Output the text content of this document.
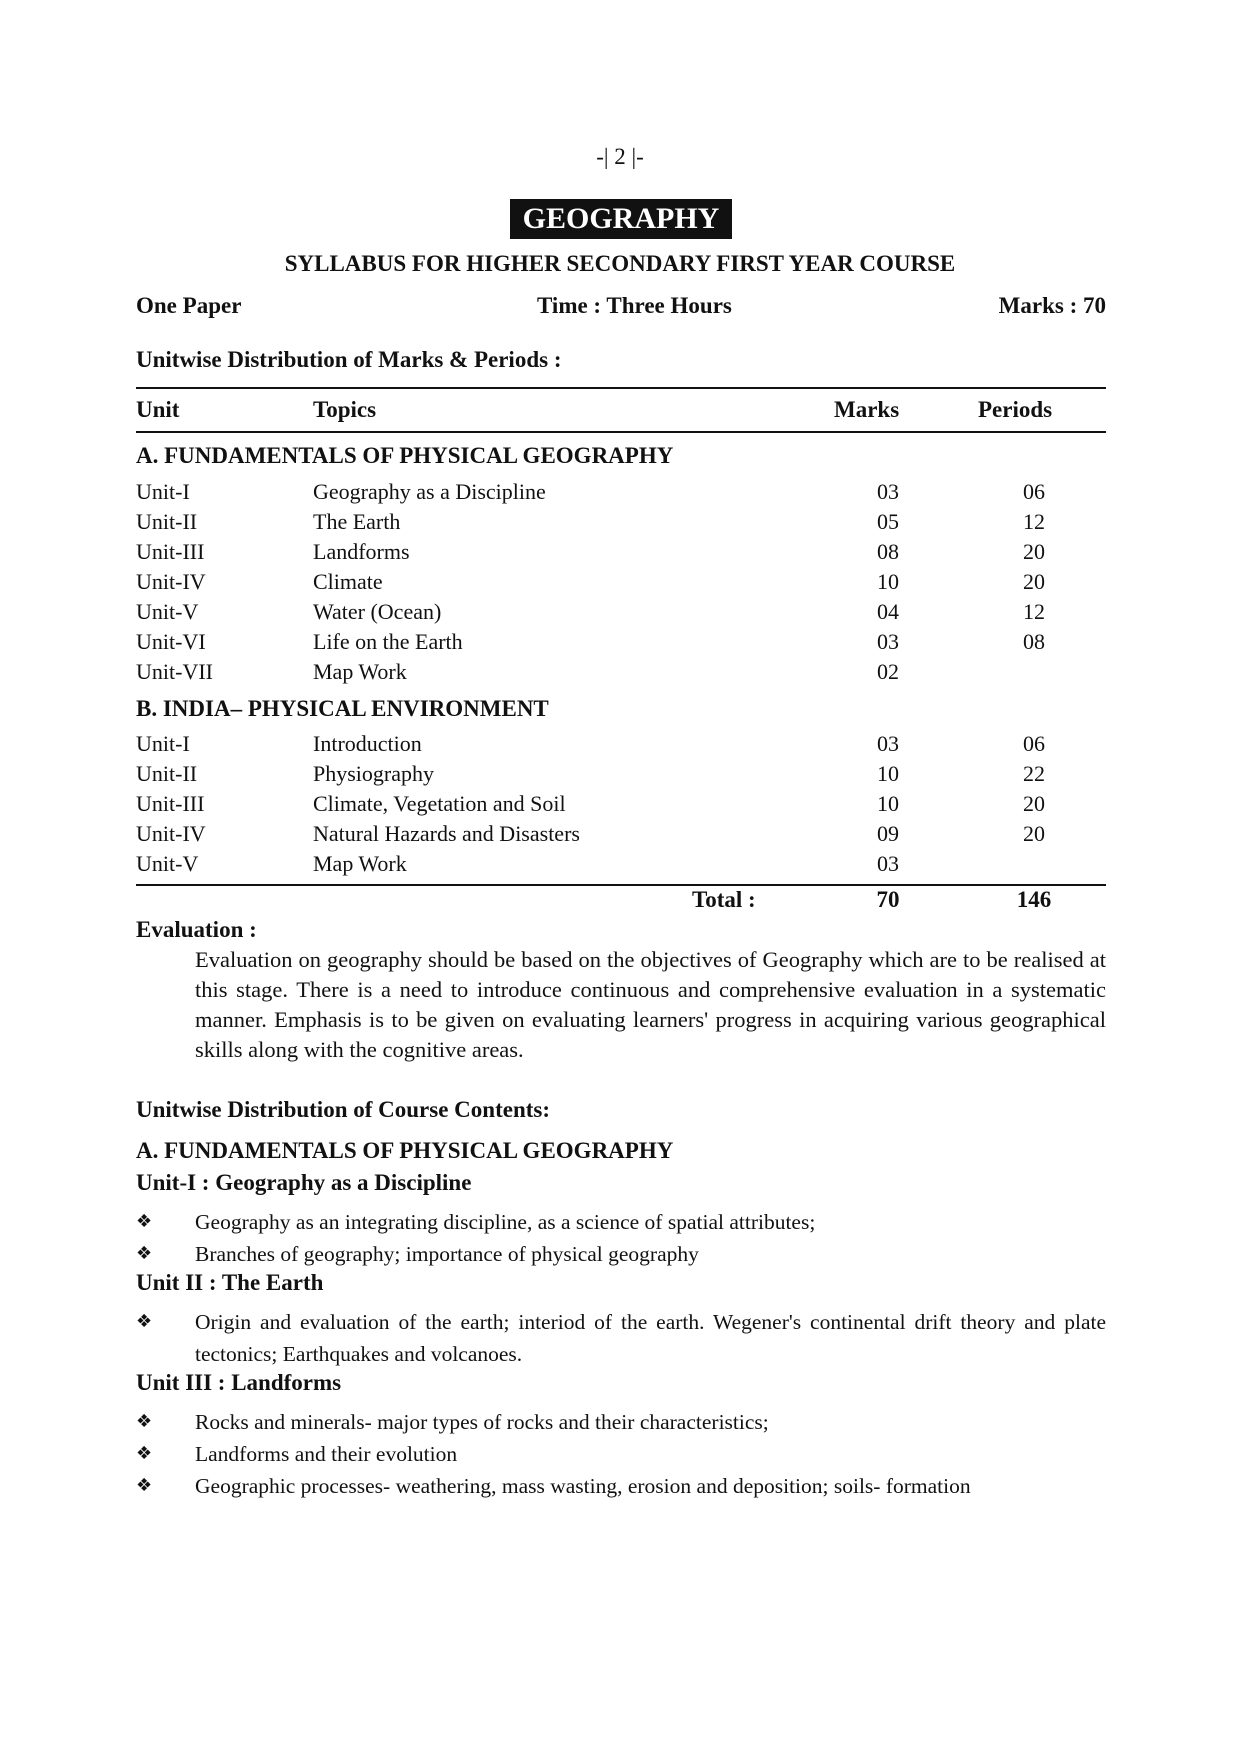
-| 2 |-
GEOGRAPHY
SYLLABUS FOR HIGHER SECONDARY FIRST YEAR COURSE
One Paper	Time : Three Hours	Marks : 70
Unitwise Distribution of Marks & Periods :
Unit	Topics	Marks	Periods
A. FUNDAMENTALS OF PHYSICAL GEOGRAPHY
Unit-I	Geography as a Discipline	03	06
Unit-II	The Earth	05	12
Unit-III	Landforms	08	20
Unit-IV	Climate	10	20
Unit-V	Water (Ocean)	04	12
Unit-VI	Life on the Earth	03	08
Unit-VII	Map Work	02
B. INDIA– PHYSICAL ENVIRONMENT
Unit-I	Introduction	03	06
Unit-II	Physiography	10	22
Unit-III	Climate, Vegetation and Soil	10	20
Unit-IV	Natural Hazards and Disasters	09	20
Unit-V	Map Work	03
Total :	70	146
Evaluation :

Evaluation on geography should be based on the objectives of Geography which are to be realised at this stage. There is a need to introduce continuous and comprehensive evaluation in a systematic manner. Emphasis is to be given on evaluating learners' progress in acquiring various geographical skills along with the cognitive areas.

Unitwise Distribution of Course Contents:
A. FUNDAMENTALS OF PHYSICAL GEOGRAPHY
Unit-I : Geography as a Discipline
❖ Geography as an integrating discipline, as a science of spatial attributes;
❖ Branches of geography; importance of physical geography
Unit II : The Earth
❖ Origin and evaluation of the earth; interiod of the earth. Wegener's continental drift theory and plate tectonics; Earthquakes and volcanoes.
Unit III : Landforms
❖ Rocks and minerals- major types of rocks and their characteristics;
❖ Landforms and their evolution
❖ Geographic processes- weathering, mass wasting, erosion and deposition; soils- formation
